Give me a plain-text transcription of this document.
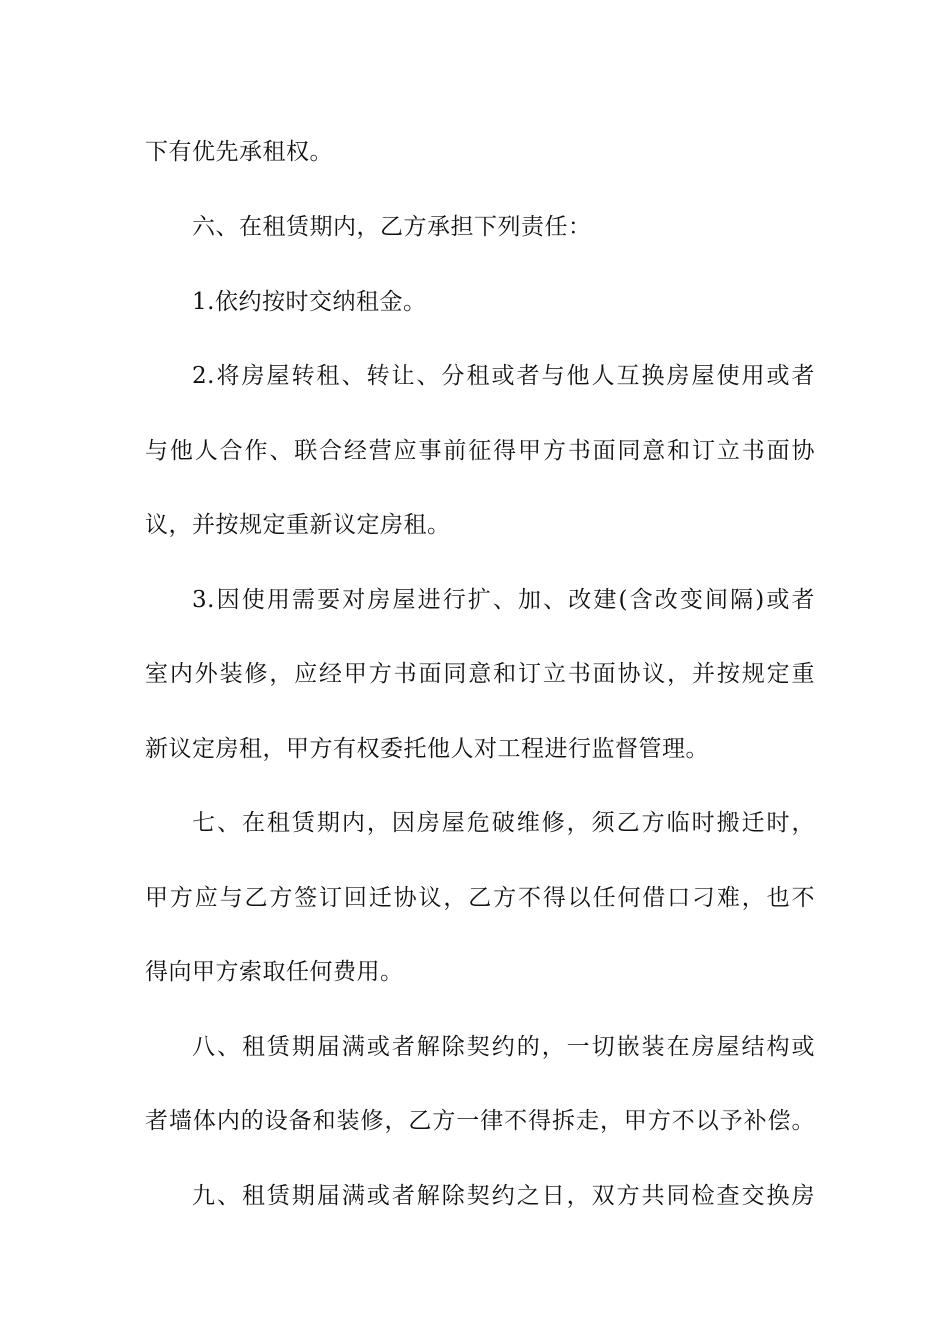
下有优先承租权。
六、在租赁期内，乙方承担下列责任：
1.依约按时交纳租金。
2.将房屋转租、转让、分租或者与他人互换房屋使用或者
与他人合作、联合经营应事前征得甲方书面同意和订立书面协
议，并按规定重新议定房租。
3.因使用需要对房屋进行扩、加、改建(含改变间隔)或者
室内外装修，应经甲方书面同意和订立书面协议，并按规定重
新议定房租，甲方有权委托他人对工程进行监督管理。
七、在租赁期内，因房屋危破维修，须乙方临时搬迁时，
甲方应与乙方签订回迁协议，乙方不得以任何借口刁难，也不
得向甲方索取任何费用。
八、租赁期届满或者解除契约的，一切嵌装在房屋结构或
者墙体内的设备和装修，乙方一律不得拆走，甲方不以予补偿。
九、租赁期届满或者解除契约之日，双方共同检查交换房
